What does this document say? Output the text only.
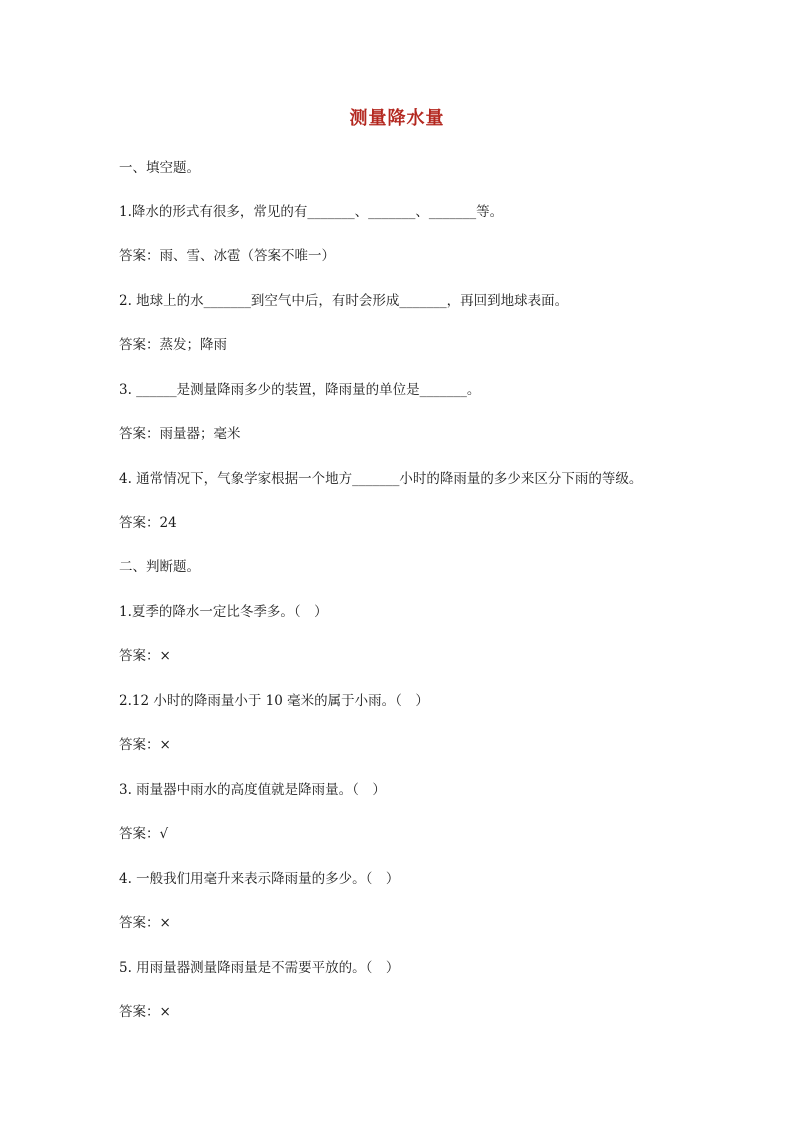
测量降水量
一、填空题。
1.降水的形式有很多，常见的有_______、_______、_______等。
答案：雨、雪、冰雹（答案不唯一）
2. 地球上的水_______到空气中后，有时会形成_______，再回到地球表面。
答案：蒸发；降雨
3. ______是测量降雨多少的装置，降雨量的单位是_______。
答案：雨量器；毫米
4. 通常情况下，气象学家根据一个地方_______小时的降雨量的多少来区分下雨的等级。
答案：24
二、判断题。
1.夏季的降水一定比冬季多。（　）
答案：×
2.12 小时的降雨量小于 10 毫米的属于小雨。（　）
答案：×
3. 雨量器中雨水的高度值就是降雨量。（　）
答案：√
4. 一般我们用毫升来表示降雨量的多少。（　）
答案：×
5. 用雨量器测量降雨量是不需要平放的。（　）
答案：×
